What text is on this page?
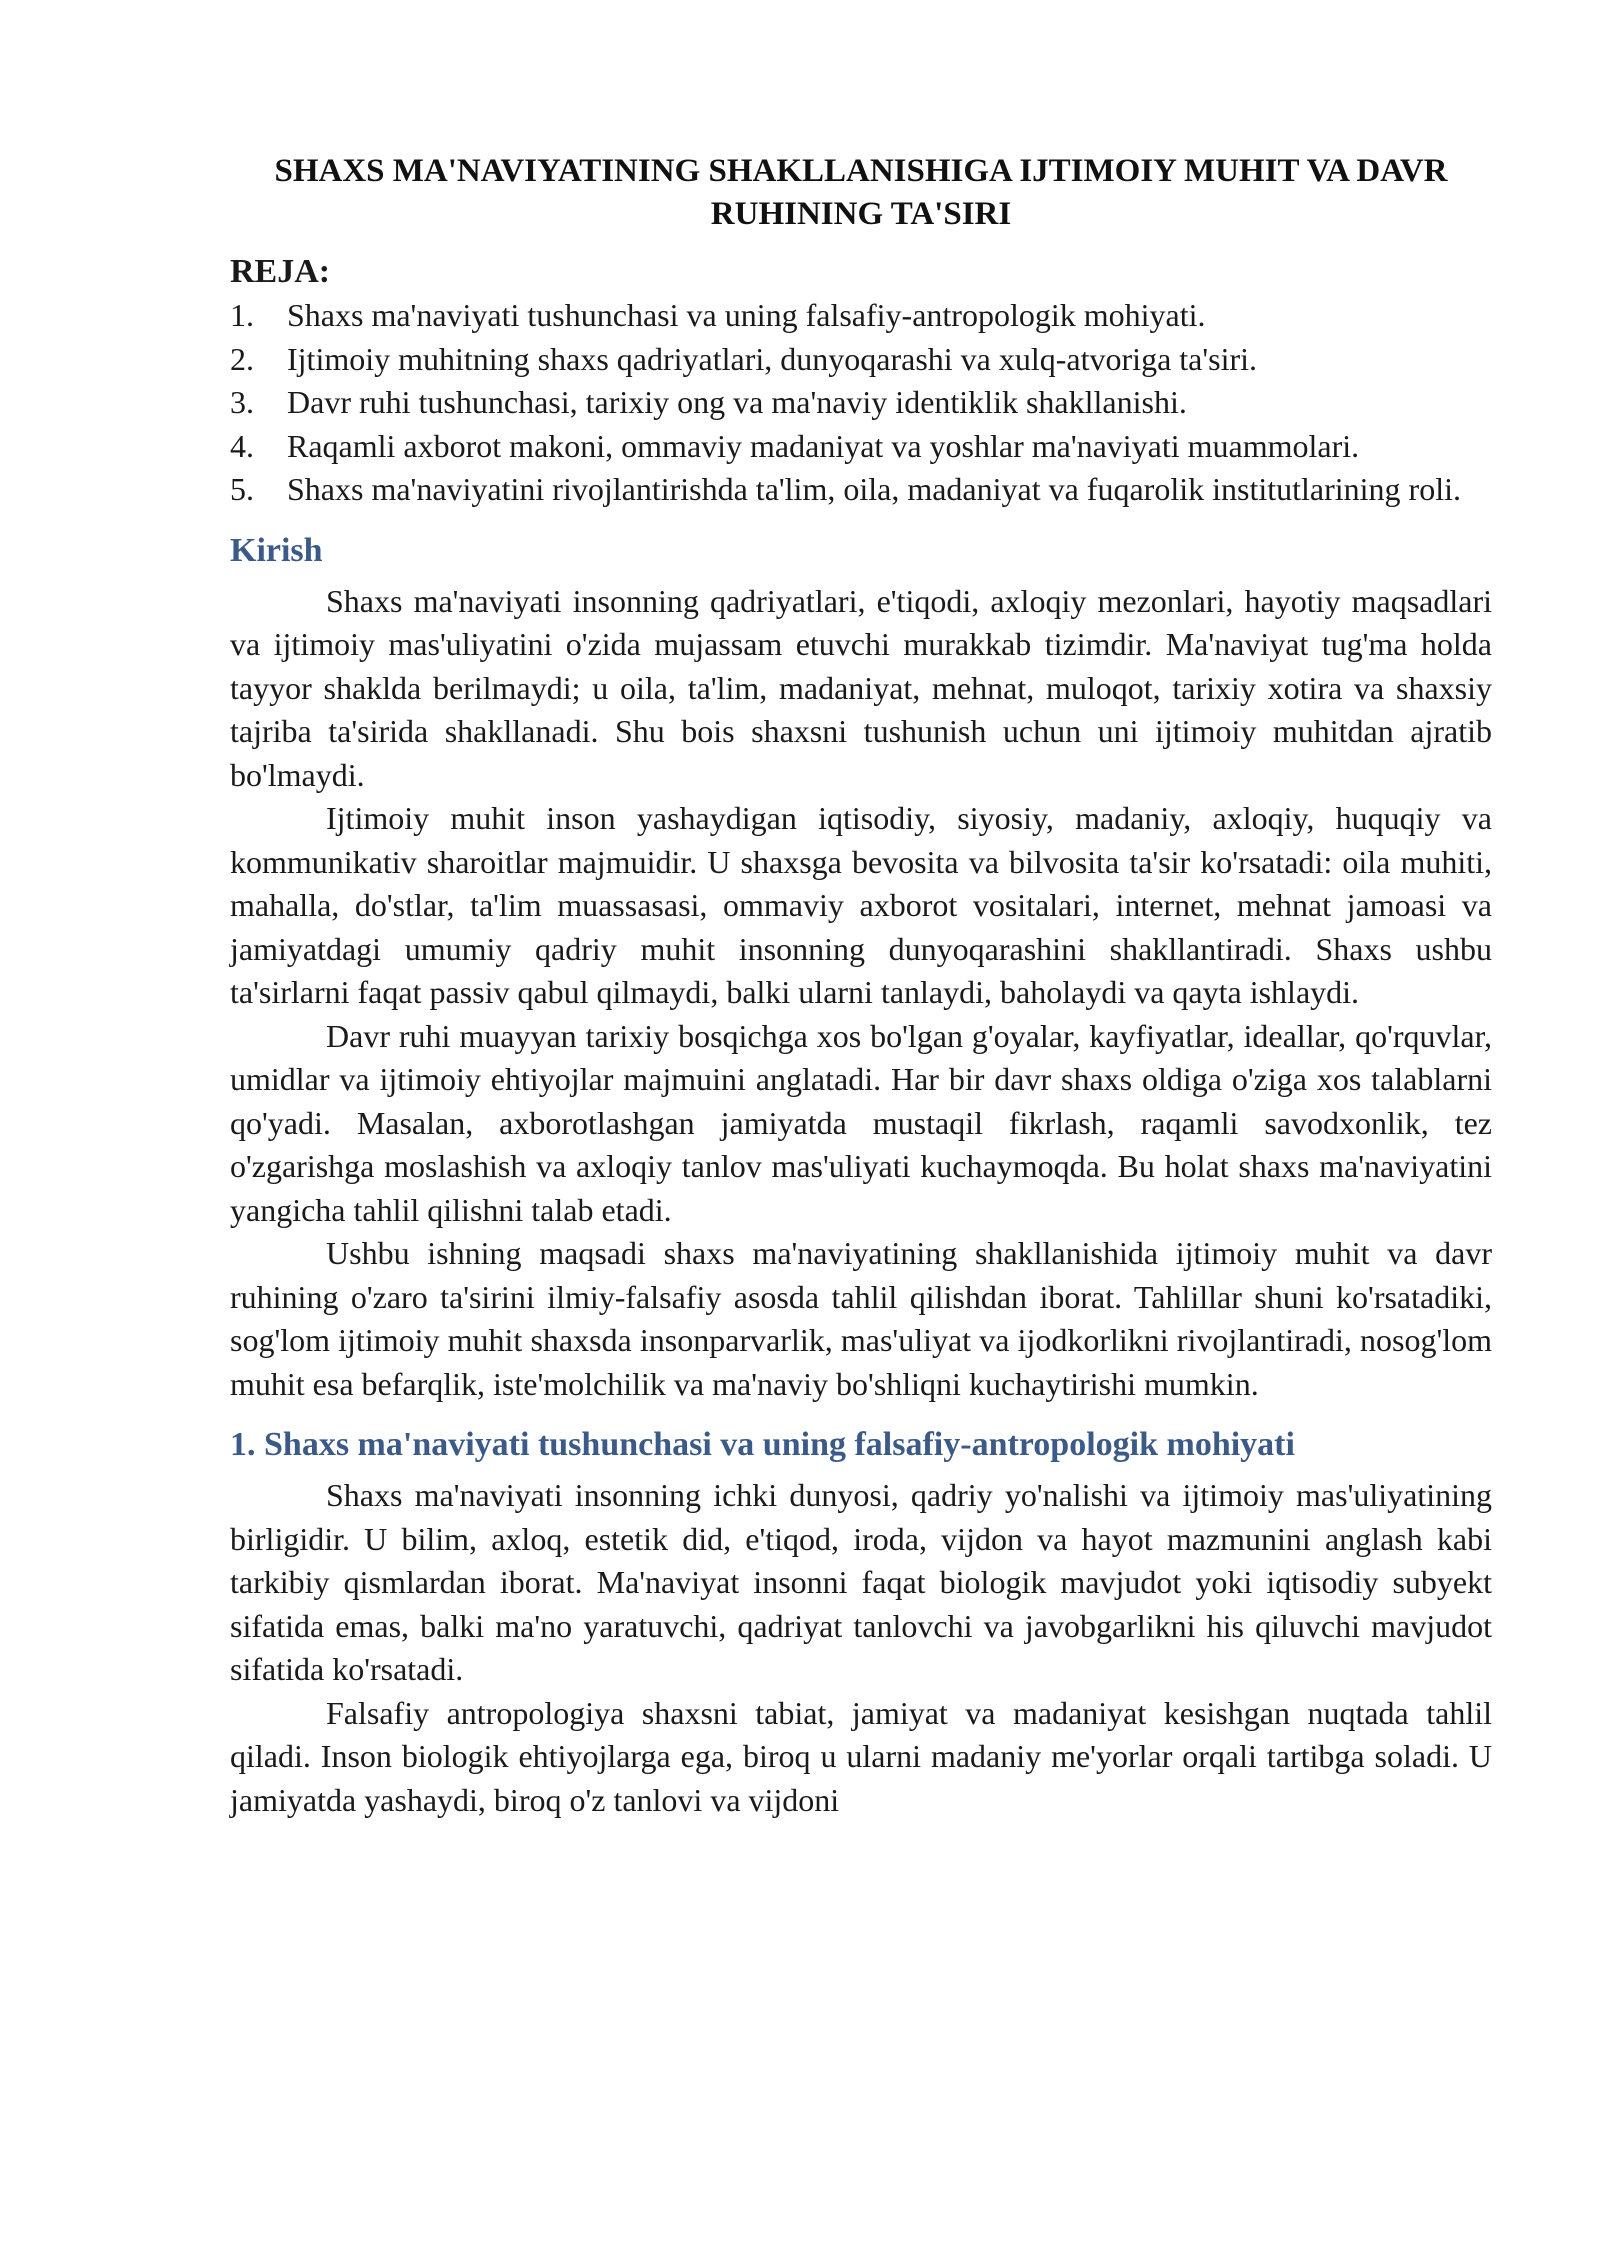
SHAXS MA'NAVIYATINING SHAKLLANISHIGA IJTIMOIY MUHIT VA DAVR RUHINING TA'SIRI
REJA:
1. Shaxs ma'naviyati tushunchasi va uning falsafiy-antropologik mohiyati.
2. Ijtimoiy muhitning shaxs qadriyatlari, dunyoqarashi va xulq-atvoriga ta'siri.
3. Davr ruhi tushunchasi, tarixiy ong va ma'naviy identiklik shakllanishi.
4. Raqamli axborot makoni, ommaviy madaniyat va yoshlar ma'naviyati muammolari.
5. Shaxs ma'naviyatini rivojlantirishda ta'lim, oila, madaniyat va fuqarolik institutlarining roli.
Kirish

Shaxs ma'naviyati insonning qadriyatlari, e'tiqodi, axloqiy mezonlari, hayotiy maqsadlari va ijtimoiy mas'uliyatini o'zida mujassam etuvchi murakkab tizimdir. Ma'naviyat tug'ma holda tayyor shaklda berilmaydi; u oila, ta'lim, madaniyat, mehnat, muloqot, tarixiy xotira va shaxsiy tajriba ta'sirida shakllanadi. Shu bois shaxsni tushunish uchun uni ijtimoiy muhitdan ajratib bo'lmaydi.

Ijtimoiy muhit inson yashaydigan iqtisodiy, siyosiy, madaniy, axloqiy, huquqiy va kommunikativ sharoitlar majmuidir. U shaxsga bevosita va bilvosita ta'sir ko'rsatadi: oila muhiti, mahalla, do'stlar, ta'lim muassasasi, ommaviy axborot vositalari, internet, mehnat jamoasi va jamiyatdagi umumiy qadriy muhit insonning dunyoqarashini shakllantiradi. Shaxs ushbu ta'sirlarni faqat passiv qabul qilmaydi, balki ularni tanlaydi, baholaydi va qayta ishlaydi.

Davr ruhi muayyan tarixiy bosqichga xos bo'lgan g'oyalar, kayfiyatlar, ideallar, qo'rquvlar, umidlar va ijtimoiy ehtiyojlar majmuini anglatadi. Har bir davr shaxs oldiga o'ziga xos talablarni qo'yadi. Masalan, axborotlashgan jamiyatda mustaqil fikrlash, raqamli savodxonlik, tez o'zgarishga moslashish va axloqiy tanlov mas'uliyati kuchaymoqda. Bu holat shaxs ma'naviyatini yangicha tahlil qilishni talab etadi.

Ushbu ishning maqsadi shaxs ma'naviyatining shakllanishida ijtimoiy muhit va davr ruhining o'zaro ta'sirini ilmiy-falsafiy asosda tahlil qilishdan iborat. Tahlillar shuni ko'rsatadiki, sog'lom ijtimoiy muhit shaxsda insonparvarlik, mas'uliyat va ijodkorlikni rivojlantiradi, nosog'lom muhit esa befarqlik, iste'molchilik va ma'naviy bo'shliqni kuchaytirishi mumkin.

1. Shaxs ma'naviyati tushunchasi va uning falsafiy-antropologik mohiyati

Shaxs ma'naviyati insonning ichki dunyosi, qadriy yo'nalishi va ijtimoiy mas'uliyatining birligidir. U bilim, axloq, estetik did, e'tiqod, iroda, vijdon va hayot mazmunini anglash kabi tarkibiy qismlardan iborat. Ma'naviyat insonni faqat biologik mavjudot yoki iqtisodiy subyekt sifatida emas, balki ma'no yaratuvchi, qadriyat tanlovchi va javobgarlikni his qiluvchi mavjudot sifatida ko'rsatadi.

Falsafiy antropologiya shaxsni tabiat, jamiyat va madaniyat kesishgan nuqtada tahlil qiladi. Inson biologik ehtiyojlarga ega, biroq u ularni madaniy me'yorlar orqali tartibga soladi. U jamiyatda yashaydi, biroq o'z tanlovi va vijdoni
